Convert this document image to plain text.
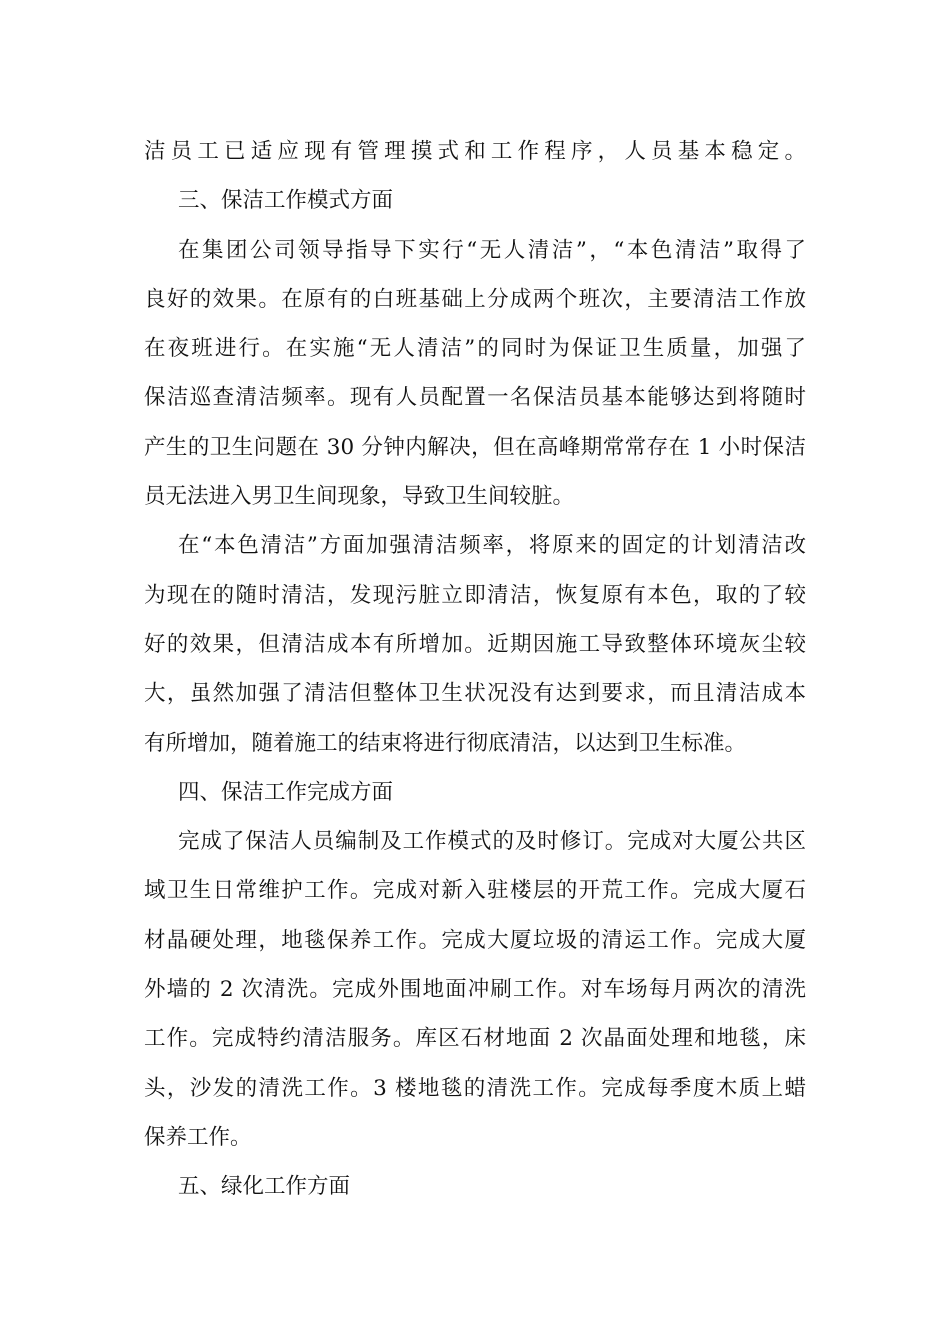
洁员工已适应现有管理摸式和工作程序，人员基本稳定。
三、保洁工作模式方面
在集团公司领导指导下实行“无人清洁”，“本色清洁”取得了
良好的效果。在原有的白班基础上分成两个班次，主要清洁工作放
在夜班进行。在实施“无人清洁”的同时为保证卫生质量，加强了
保洁巡查清洁频率。现有人员配置一名保洁员基本能够达到将随时
产生的卫生问题在 30 分钟内解决，但在高峰期常常存在 1 小时保洁
员无法进入男卫生间现象，导致卫生间较脏。
在“本色清洁”方面加强清洁频率，将原来的固定的计划清洁改
为现在的随时清洁，发现污脏立即清洁，恢复原有本色，取的了较
好的效果，但清洁成本有所增加。近期因施工导致整体环境灰尘较
大，虽然加强了清洁但整体卫生状况没有达到要求，而且清洁成本
有所增加，随着施工的结束将进行彻底清洁，以达到卫生标准。
四、保洁工作完成方面
完成了保洁人员编制及工作模式的及时修订。完成对大厦公共区
域卫生日常维护工作。完成对新入驻楼层的开荒工作。完成大厦石
材晶硬处理，地毯保养工作。完成大厦垃圾的清运工作。完成大厦
外墙的 2 次清洗。完成外围地面冲刷工作。对车场每月两次的清洗
工作。完成特约清洁服务。库区石材地面 2 次晶面处理和地毯，床
头，沙发的清洗工作。3 楼地毯的清洗工作。完成每季度木质上蜡
保养工作。
五、绿化工作方面
